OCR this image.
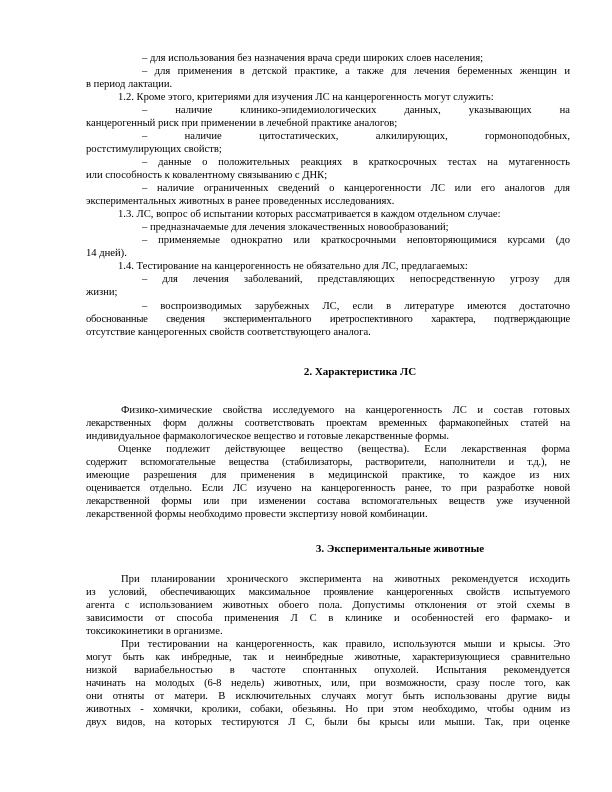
– для использования без назначения врача среди широких слоев населения;
– для применения в детской практике, а также для лечения беременных женщин и
в период лактации.
1.2. Кроме этого, критериями для изучения ЛС на канцерогенность могут служить:
– наличие клинико-эпидемиологических данных, указывающих на
канцерогенный риск при применении в лечебной практике аналогов;
– наличие цитостатических, алкилирующих, гормоноподобных,
ростстимулирующих свойств;
– данные о положительных реакциях в краткосрочных тестах на мутагенность
или способность к ковалентному связыванию с ДНК;
– наличие ограниченных сведений о канцерогенности ЛС или его аналогов для
экспериментальных животных в ранее проведенных исследованиях.
1.3. ЛС, вопрос об испытании которых рассматривается в каждом отдельном случае:
– предназначаемые для лечения злокачественных новообразований;
– применяемые однократно или краткосрочными неповторяющимися курсами (до
14 дней).
1.4. Тестирование на канцерогенность не обязательно для ЛС, предлагаемых:
– для лечения заболеваний, представляющих непосредственную угрозу для
жизни;
– воспроизводимых зарубежных ЛС, если в литературе имеются достаточно
обоснованные сведения экспериментального иретроспективного характера, подтверждающие
отсутствие канцерогенных свойств соответствующего аналога.
2. Характеристика ЛС
Физико-химические свойства исследуемого на канцерогенность ЛС и состав готовых
лекарственных форм должны соответствовать проектам временных фармакопейных статей на
индивидуальное фармакологическое вещество и готовые лекарственные формы.
Оценке подлежит действующее вещество (вещества). Если лекарственная форма
содержит вспомогательные вещества (стабилизаторы, растворители, наполнители и т.д.), не
имеющие разрешения для применения в медицинской практике, то каждое из них
оценивается отдельно. Если ЛС изучено на канцерогенность ранее, то при разработке новой
лекарственной формы или при изменении состава вспомогательных веществ уже изученной
лекарственной формы необходимо провести экспертизу новой комбинации.
3. Экспериментальные животные
При планировании хронического эксперимента на животных рекомендуется исходить
из условий, обеспечивающих максимальное проявление канцерогенных свойств испытуемого
агента с использованием животных обоего пола. Допустимы отклонения от этой схемы в
зависимости от способа применения Л С в клинике и особенностей его фармако- и
токсикокинетики в организме.
При тестировании на канцерогенность, как правило, используются мыши и крысы. Это
могут быть как инбредные, так и неинбредные животные, характеризующиеся сравнительно
низкой вариабельностью в частоте спонтанных опухолей. Испытания рекомендуется
начинать на молодых (6-8 недель) животных, или, при возможности, сразу после того, как
они отняты от матери. В исключительных случаях могут быть использованы другие виды
животных - хомячки, кролики, собаки, обезьяны. Но при этом необходимо, чтобы одним из
двух видов, на которых тестируются Л С, были бы крысы или мыши. Так, при оценке
